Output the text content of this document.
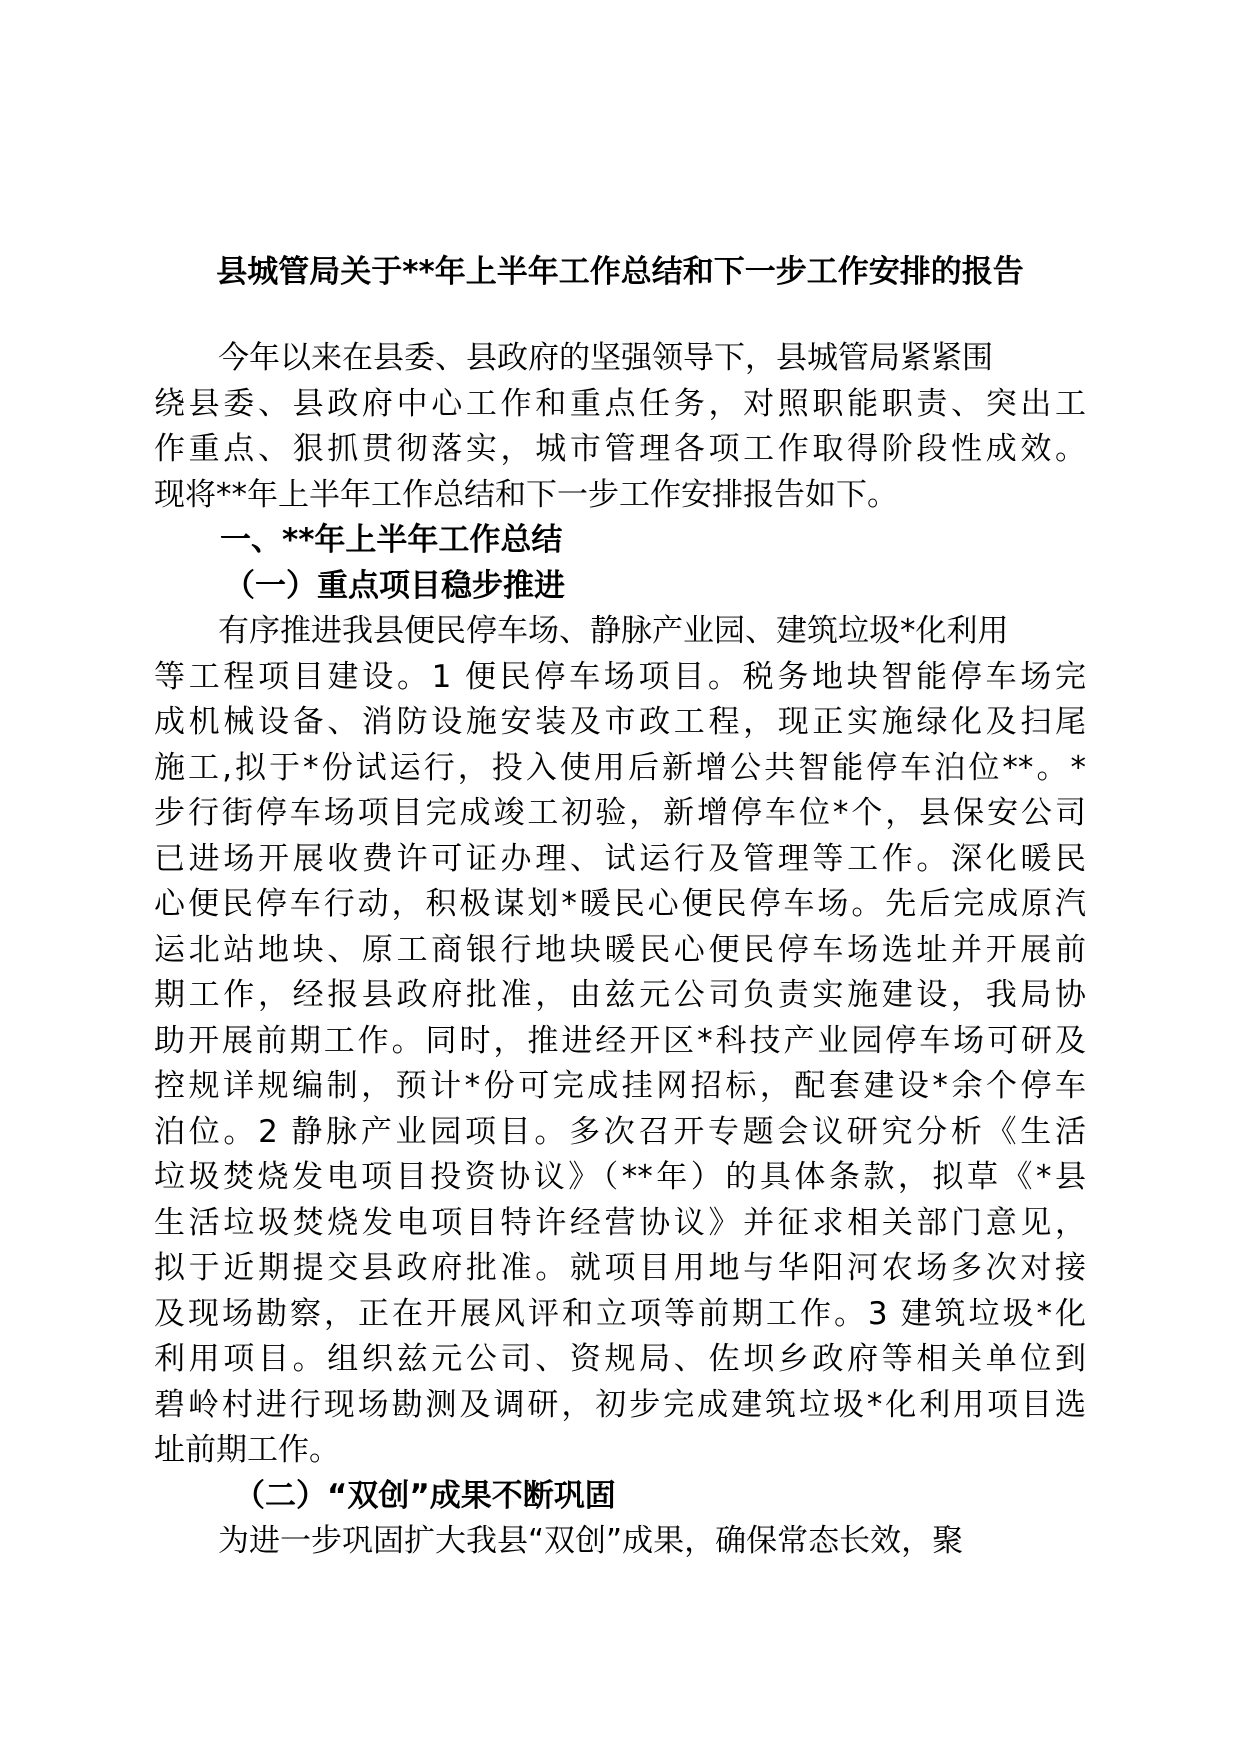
县城管局关于**年上半年工作总结和下一步工作安排的报告
今年以来在县委、县政府的坚强领导下，县城管局紧紧围
绕县委、县政府中心工作和重点任务，对照职能职责、突出工
作重点、狠抓贯彻落实，城市管理各项工作取得阶段性成效。
现将**年上半年工作总结和下一步工作安排报告如下。
一、**年上半年工作总结
（一）重点项目稳步推进
有序推进我县便民停车场、静脉产业园、建筑垃圾*化利用
等工程项目建设。1 便民停车场项目。税务地块智能停车场完
成机械设备、消防设施安装及市政工程，现正实施绿化及扫尾
施工,拟于*份试运行，投入使用后新增公共智能停车泊位**。*
步行街停车场项目完成竣工初验，新增停车位*个，县保安公司
已进场开展收费许可证办理、试运行及管理等工作。深化暖民
心便民停车行动，积极谋划*暖民心便民停车场。先后完成原汽
运北站地块、原工商银行地块暖民心便民停车场选址并开展前
期工作，经报县政府批准，由兹元公司负责实施建设，我局协
助开展前期工作。同时，推进经开区*科技产业园停车场可研及
控规详规编制，预计*份可完成挂网招标，配套建设*余个停车
泊位。2 静脉产业园项目。多次召开专题会议研究分析《生活
垃圾焚烧发电项目投资协议》（**年）的具体条款，拟草《*县
生活垃圾焚烧发电项目特许经营协议》并征求相关部门意见，
拟于近期提交县政府批准。就项目用地与华阳河农场多次对接
及现场勘察，正在开展风评和立项等前期工作。3 建筑垃圾*化
利用项目。组织兹元公司、资规局、佐坝乡政府等相关单位到
碧岭村进行现场勘测及调研，初步完成建筑垃圾*化利用项目选
址前期工作。
（二）“双创”成果不断巩固
为进一步巩固扩大我县“双创”成果，确保常态长效，聚
